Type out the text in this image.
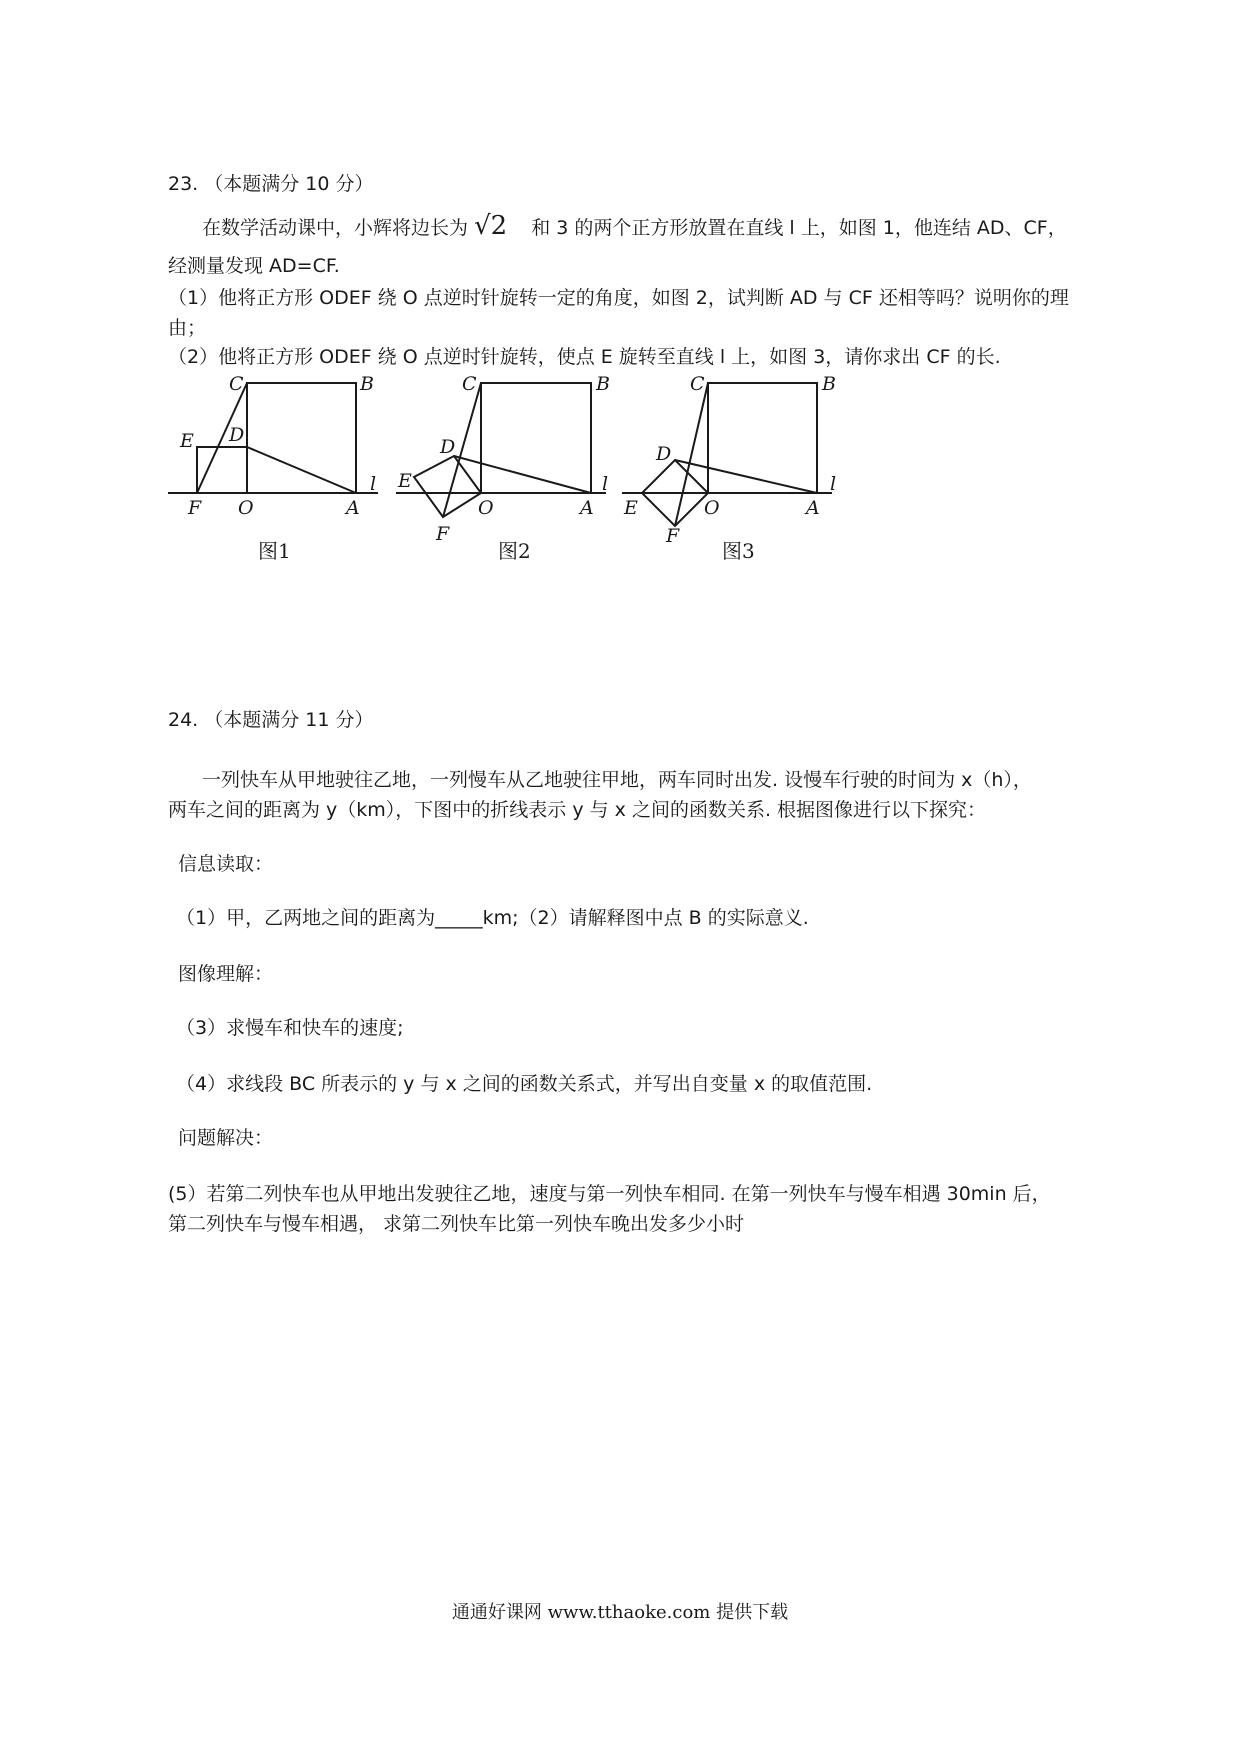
23. （本题满分 10 分）
在数学活动课中，小辉将边长为 √2 和 3 的两个正方形放置在直线 l 上，如图 1，他连结 AD、CF，
经测量发现 AD=CF.
（1）他将正方形 ODEF 绕 O 点逆时针旋转一定的角度，如图 2，试判断 AD 与 CF 还相等吗？说明你的理
由；
（2）他将正方形 ODEF 绕 O 点逆时针旋转，使点 E 旋转至直线 l 上，如图 3，请你求出 CF 的长.
C	B
E D
F O	A
l
图1
C	B
D
E
O	A
F
l
图2
C	B
D
E	O	A
F
l
图3
24. （本题满分 11 分）
一列快车从甲地驶往乙地，一列慢车从乙地驶往甲地，两车同时出发. 设慢车行驶的时间为 x（h），
两车之间的距离为 y（km），下图中的折线表示 y 与 x 之间的函数关系. 根据图像进行以下探究：
信息读取：
（1）甲，乙两地之间的距离为_____km;（2）请解释图中点 B 的实际意义.
图像理解：
（3）求慢车和快车的速度;
（4）求线段 BC 所表示的 y 与 x 之间的函数关系式，并写出自变量 x 的取值范围.
问题解决：
(5）若第二列快车也从甲地出发驶往乙地，速度与第一列快车相同. 在第一列快车与慢车相遇 30min 后，
第二列快车与慢车相遇， 求第二列快车比第一列快车晚出发多少小时
通通好课网 www.tthaoke.com 提供下载
